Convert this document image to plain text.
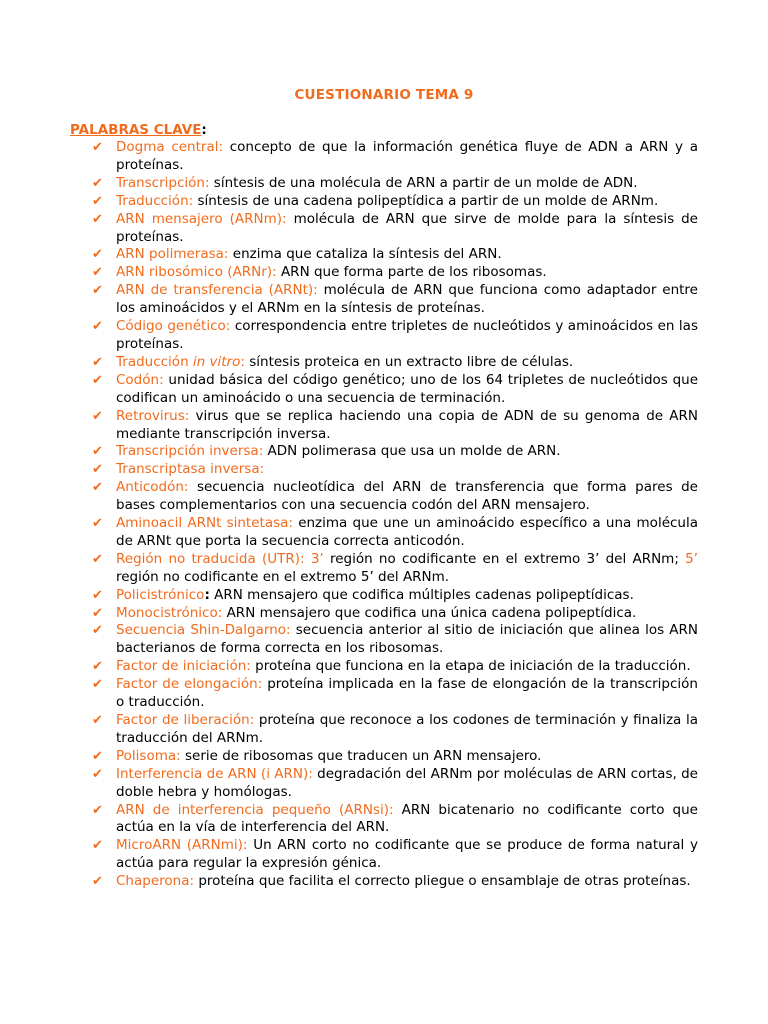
CUESTIONARIO TEMA 9
PALABRAS CLAVE:
✔ Dogma central: concepto de que la información genética fluye de ADN a ARN y a proteínas.
✔ Transcripción: síntesis de una molécula de ARN a partir de un molde de ADN.
✔ Traducción: síntesis de una cadena polipeptídica a partir de un molde de ARNm.
✔ ARN mensajero (ARNm): molécula de ARN que sirve de molde para la síntesis de proteínas.
✔ ARN polimerasa: enzima que cataliza la síntesis del ARN.
✔ ARN ribosómico (ARNr): ARN que forma parte de los ribosomas.
✔ ARN de transferencia (ARNt): molécula de ARN que funciona como adaptador entre los aminoácidos y el ARNm en la síntesis de proteínas.
✔ Código genético: correspondencia entre tripletes de nucleótidos y aminoácidos en las proteínas.
✔ Traducción in vitro: síntesis proteica en un extracto libre de células.
✔ Codón: unidad básica del código genético; uno de los 64 tripletes de nucleótidos que codifican un aminoácido o una secuencia de terminación.
✔ Retrovirus: virus que se replica haciendo una copia de ADN de su genoma de ARN mediante transcripción inversa.
✔ Transcripción inversa: ADN polimerasa que usa un molde de ARN.
✔ Transcriptasa inversa:
✔ Anticodón: secuencia nucleotídica del ARN de transferencia que forma pares de bases complementarios con una secuencia codón del ARN mensajero.
✔ Aminoacil ARNt sintetasa: enzima que une un aminoácido específico a una molécula de ARNt que porta la secuencia correcta anticodón.
✔ Región no traducida (UTR): 3’ región no codificante en el extremo 3’ del ARNm; 5’ región no codificante en el extremo 5’ del ARNm.
✔ Policistrónico: ARN mensajero que codifica múltiples cadenas polipeptídicas.
✔ Monocistrónico: ARN mensajero que codifica una única cadena polipeptídica.
✔ Secuencia Shin-Dalgarno: secuencia anterior al sitio de iniciación que alinea los ARN bacterianos de forma correcta en los ribosomas.
✔ Factor de iniciación: proteína que funciona en la etapa de iniciación de la traducción.
✔ Factor de elongación: proteína implicada en la fase de elongación de la transcripción o traducción.
✔ Factor de liberación: proteína que reconoce a los codones de terminación y finaliza la traducción del ARNm.
✔ Polisoma: serie de ribosomas que traducen un ARN mensajero.
✔ Interferencia de ARN (i ARN): degradación del ARNm por moléculas de ARN cortas, de doble hebra y homólogas.
✔ ARN de interferencia pequeño (ARNsi): ARN bicatenario no codificante corto que actúa en la vía de interferencia del ARN.
✔ MicroARN (ARNmi): Un ARN corto no codificante que se produce de forma natural y actúa para regular la expresión génica.
✔ Chaperona: proteína que facilita el correcto pliegue o ensamblaje de otras proteínas.
